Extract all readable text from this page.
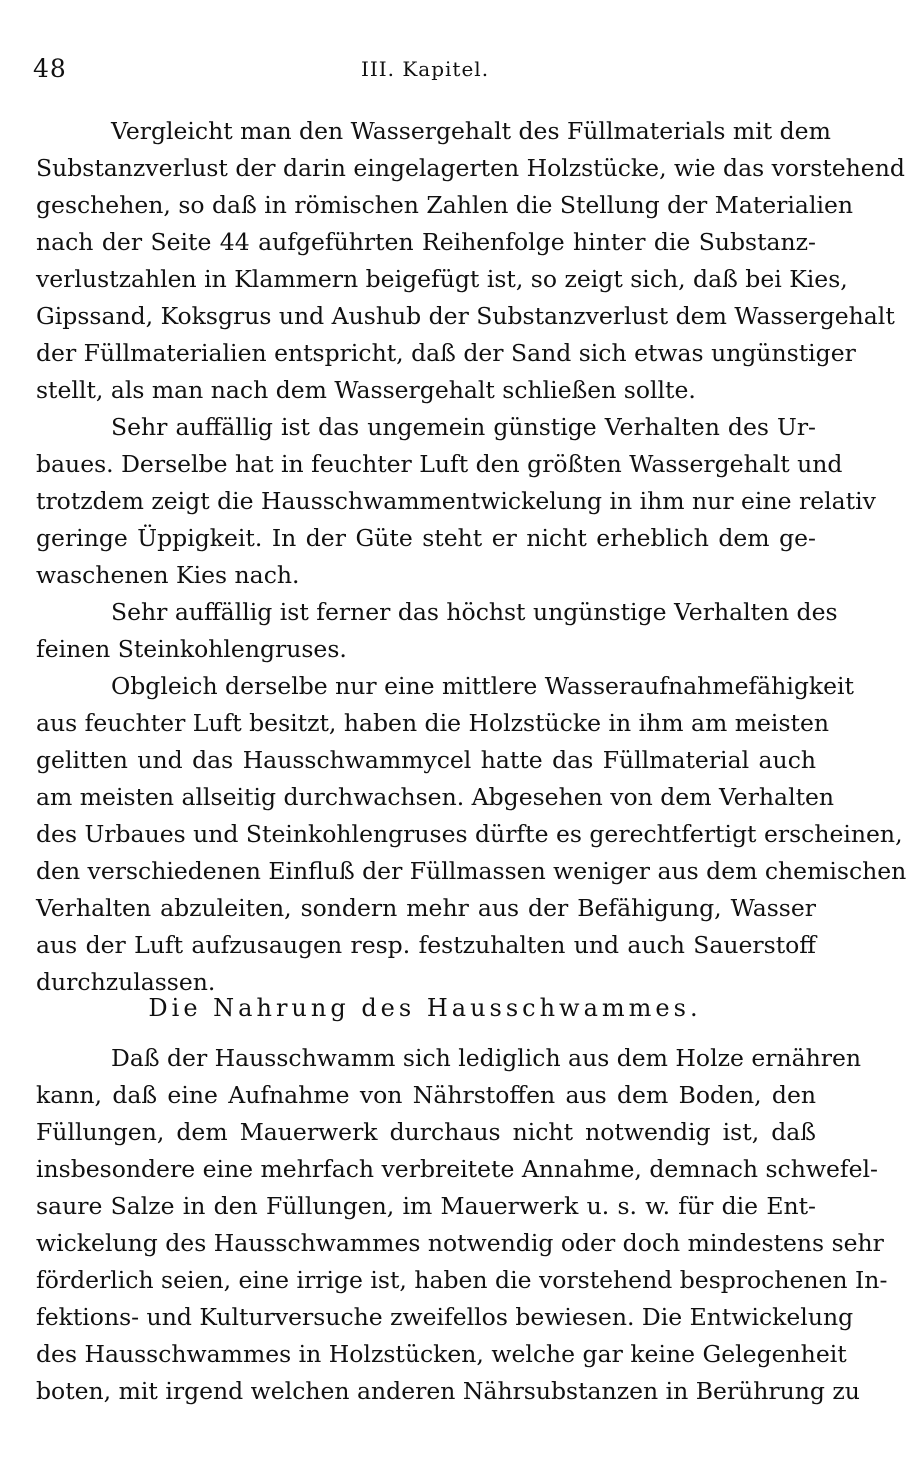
48	III. Kapitel.
Vergleicht man den Wassergehalt des Füllmaterials mit dem
Substanzverlust der darin eingelagerten Holzstücke, wie das vorstehend
geschehen, so daß in römischen Zahlen die Stellung der Materialien
nach der Seite 44 aufgeführten Reihenfolge hinter die Substanz-
verlustzahlen in Klammern beigefügt ist, so zeigt sich, daß bei Kies,
Gipssand, Koksgrus und Aushub der Substanzverlust dem Wassergehalt
der Füllmaterialien entspricht, daß der Sand sich etwas ungünstiger
stellt, als man nach dem Wassergehalt schließen sollte.
Sehr auffällig ist das ungemein günstige Verhalten des Ur-
baues. Derselbe hat in feuchter Luft den größten Wassergehalt und
trotzdem zeigt die Hausschwammentwickelung in ihm nur eine relativ
geringe Üppigkeit. In der Güte steht er nicht erheblich dem ge-
waschenen Kies nach.
Sehr auffällig ist ferner das höchst ungünstige Verhalten des
feinen Steinkohlengruses.
Obgleich derselbe nur eine mittlere Wasseraufnahmefähigkeit
aus feuchter Luft besitzt, haben die Holzstücke in ihm am meisten
gelitten und das Hausschwammycel hatte das Füllmaterial auch
am meisten allseitig durchwachsen. Abgesehen von dem Verhalten
des Urbaues und Steinkohlengruses dürfte es gerechtfertigt erscheinen,
den verschiedenen Einfluß der Füllmassen weniger aus dem chemischen
Verhalten abzuleiten, sondern mehr aus der Befähigung, Wasser
aus der Luft aufzusaugen resp. festzuhalten und auch Sauerstoff
durchzulassen.
Die Nahrung des Hausschwammes.
Daß der Hausschwamm sich lediglich aus dem Holze ernähren
kann, daß eine Aufnahme von Nährstoffen aus dem Boden, den
Füllungen, dem Mauerwerk durchaus nicht notwendig ist, daß
insbesondere eine mehrfach verbreitete Annahme, demnach schwefel-
saure Salze in den Füllungen, im Mauerwerk u. s. w. für die Ent-
wickelung des Hausschwammes notwendig oder doch mindestens sehr
förderlich seien, eine irrige ist, haben die vorstehend besprochenen In-
fektions- und Kulturversuche zweifellos bewiesen. Die Entwickelung
des Hausschwammes in Holzstücken, welche gar keine Gelegenheit
boten, mit irgend welchen anderen Nährsubstanzen in Berührung zu
